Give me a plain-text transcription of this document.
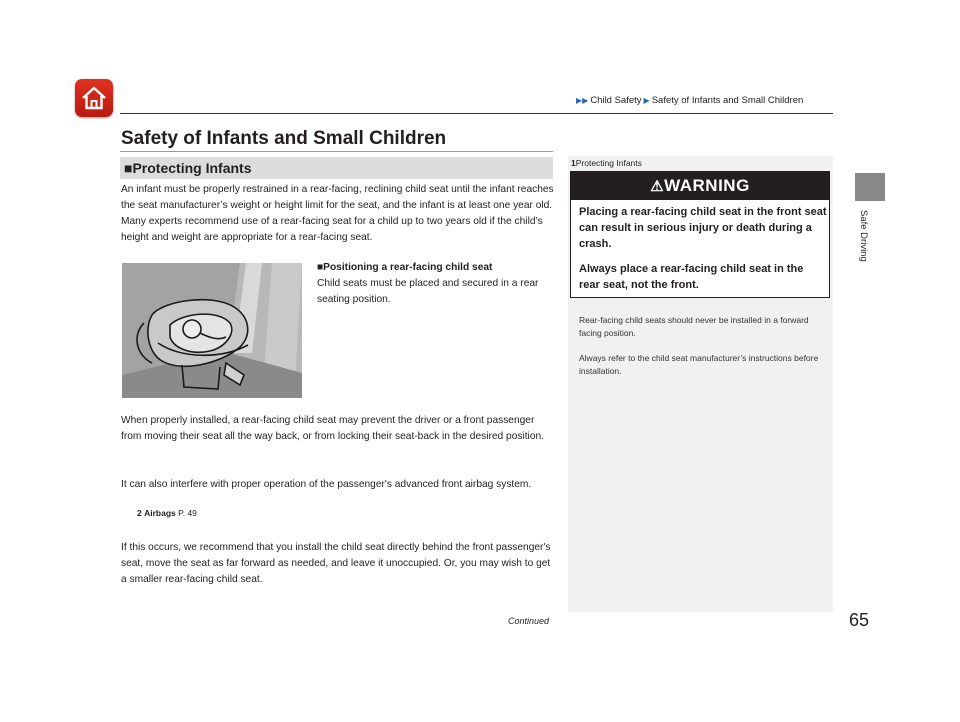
▶▶ Child Safety ▶ Safety of Infants and Small Children
Safety of Infants and Small Children
■Protecting Infants
An infant must be properly restrained in a rear-facing, reclining child seat until the infant reaches the seat manufacturer’s weight or height limit for the seat, and the infant is at least one year old. Many experts recommend use of a rear-facing seat for a child up to two years old if the child’s height and weight are appropriate for a rear-facing seat.
■Positioning a rear-facing child seat
Child seats must be placed and secured in a rear seating position.
When properly installed, a rear-facing child seat may prevent the driver or a front passenger from moving their seat all the way back, or from locking their seat-back in the desired position.
It can also interfere with proper operation of the passenger's advanced front airbag system.
2 Airbags P. 49
If this occurs, we recommend that you install the child seat directly behind the front passenger's seat, move the seat as far forward as needed, and leave it unoccupied. Or, you may wish to get a smaller rear-facing child seat.
Continued
1Protecting Infants
⚠WARNING
Placing a rear-facing child seat in the front seat can result in serious injury or death during a crash.
Always place a rear-facing child seat in the rear seat, not the front.
Rear-facing child seats should never be installed in a forward facing position.
Always refer to the child seat manufacturer’s instructions before installation.
Safe Driving
65
